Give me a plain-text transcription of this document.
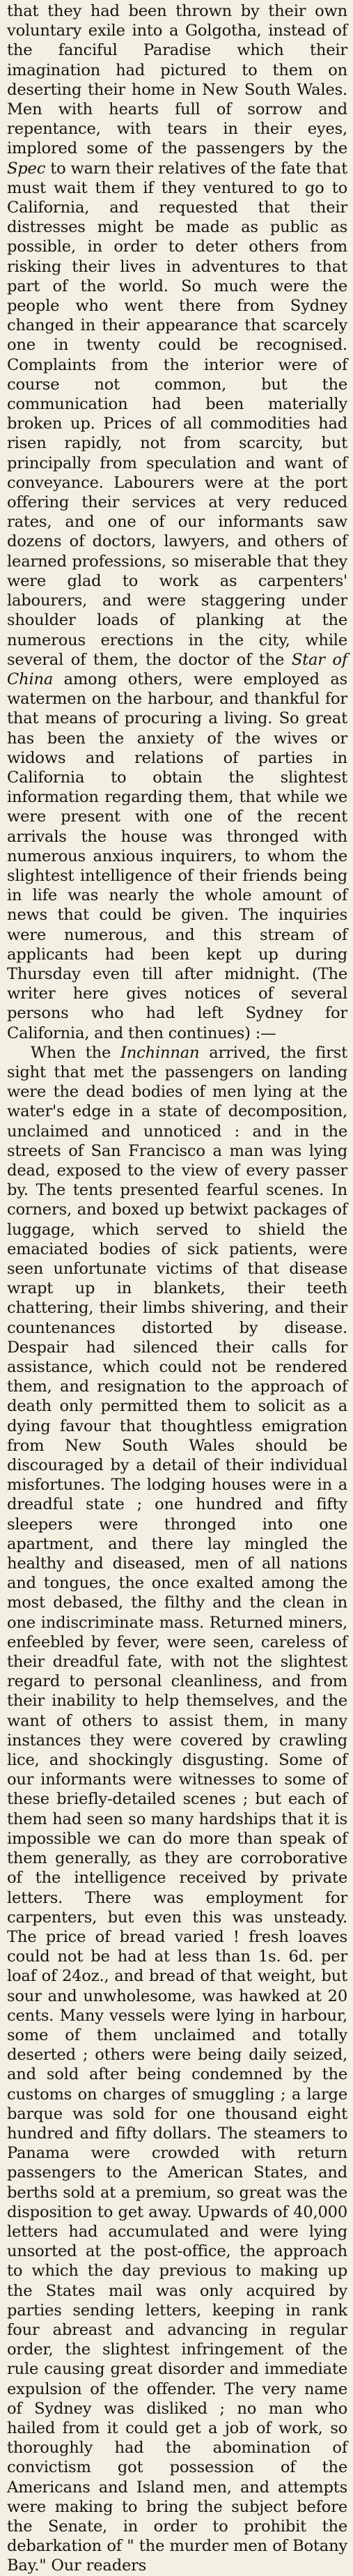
that they had been thrown by their own voluntary exile into a Golgotha, instead of the fanciful Paradise which their imagination had pictured to them on deserting their home in New South Wales. Men with hearts full of sorrow and repentance, with tears in their eyes, implored some of the passengers by the Spec to warn their relatives of the fate that must wait them if they ventured to go to California, and requested that their distresses might be made as public as possible, in order to deter others from risking their lives in adventures to that part of the world. So much were the people who went there from Sydney changed in their appearance that scarcely one in twenty could be recognised. Complaints from the interior were of course not common, but the communication had been materially broken up. Prices of all commodities had risen rapidly, not from scarcity, but principally from speculation and want of conveyance. Labourers were at the port offering their services at very reduced rates, and one of our informants saw dozens of doctors, lawyers, and others of learned professions, so miserable that they were glad to work as carpenters' labourers, and were staggering under shoulder loads of planking at the numerous erections in the city, while several of them, the doctor of the Star of China among others, were employed as watermen on the harbour, and thankful for that means of procuring a living. So great has been the anxiety of the wives or widows and relations of parties in California to obtain the slightest information regarding them, that while we were present with one of the recent arrivals the house was thronged with numerous anxious inquirers, to whom the slightest intelligence of their friends being in life was nearly the whole amount of news that could be given. The inquiries were numerous, and this stream of applicants had been kept up during Thursday even till after midnight. (The writer here gives notices of several persons who had left Sydney for California, and then continues) :—

When the Inchinnan arrived, the first sight that met the passengers on landing were the dead bodies of men lying at the water's edge in a state of decomposition, unclaimed and unnoticed : and in the streets of San Francisco a man was lying dead, exposed to the view of every passer by. The tents presented fearful scenes. In corners, and boxed up betwixt packages of luggage, which served to shield the emaciated bodies of sick patients, were seen unfortunate victims of that disease wrapt up in blankets, their teeth chattering, their limbs shivering, and their countenances distorted by disease. Despair had silenced their calls for assistance, which could not be rendered them, and resignation to the approach of death only permitted them to solicit as a dying favour that thoughtless emigration from New South Wales should be discouraged by a detail of their individual misfortunes. The lodging houses were in a dreadful state ; one hundred and fifty sleepers were thronged into one apartment, and there lay mingled the healthy and diseased, men of all nations and tongues, the once exalted among the most debased, the filthy and the clean in one indiscriminate mass. Returned miners, enfeebled by fever, were seen, careless of their dreadful fate, with not the slightest regard to personal cleanliness, and from their inability to help themselves, and the want of others to assist them, in many instances they were covered by crawling lice, and shockingly disgusting. Some of our informants were witnesses to some of these briefly-detailed scenes ; but each of them had seen so many hardships that it is impossible we can do more than speak of them generally, as they are corroborative of the intelligence received by private letters. There was employment for carpenters, but even this was unsteady. The price of bread varied ! fresh loaves could not be had at less than 1s. 6d. per loaf of 24oz., and bread of that weight, but sour and unwholesome, was hawked at 20 cents. Many vessels were lying in harbour, some of them unclaimed and totally deserted ; others were being daily seized, and sold after being condemned by the customs on charges of smuggling ; a large barque was sold for one thousand eight hundred and fifty dollars. The steamers to Panama were crowded with return passengers to the American States, and berths sold at a premium, so great was the disposition to get away. Upwards of 40,000 letters had accumulated and were lying unsorted at the post-office, the approach to which the day previous to making up the States mail was only acquired by parties sending letters, keeping in rank four abreast and advancing in regular order, the slightest infringement of the rule causing great disorder and immediate expulsion of the offender. The very name of Sydney was disliked ; no man who hailed from it could get a job of work, so thoroughly had the abomination of convictism got possession of the Americans and Island men, and attempts were making to bring the subject before the Senate, in order to prohibit the debarkation of " the murder men of Botany Bay." Our readers
